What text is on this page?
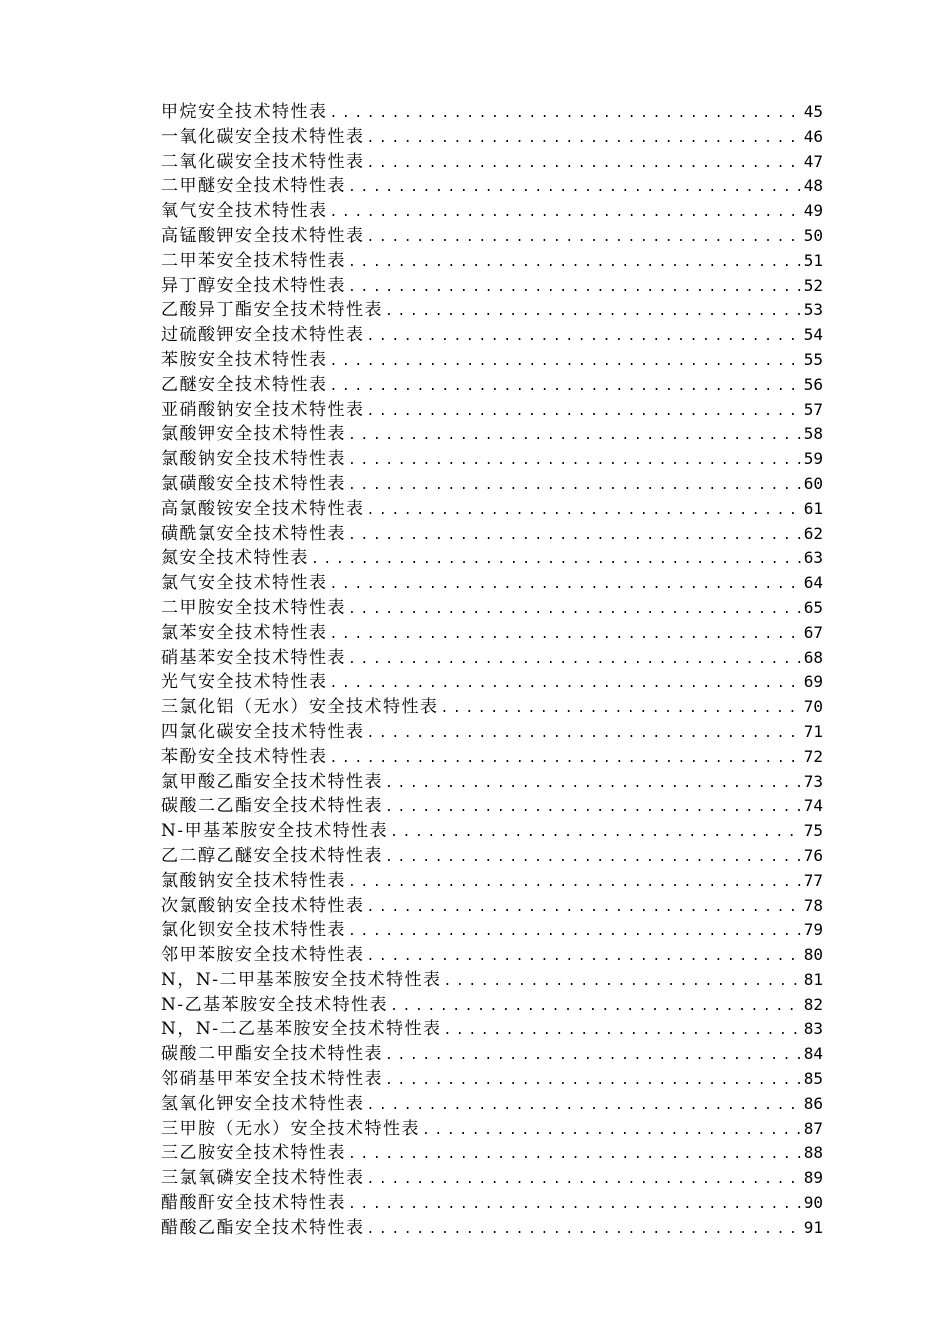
甲烷安全技术特性表 .....	45
一氧化碳安全技术特性表 .....	46
二氧化碳安全技术特性表 .....	47
二甲醚安全技术特性表 .....	48
氧气安全技术特性表 .....	49
高锰酸钾安全技术特性表 .....	50
二甲苯安全技术特性表 .....	51
异丁醇安全技术特性表 .....	52
乙酸异丁酯安全技术特性表 .....	53
过硫酸钾安全技术特性表 .....	54
苯胺安全技术特性表 .....	55
乙醚安全技术特性表 .....	56
亚硝酸钠安全技术特性表 .....	57
氯酸钾安全技术特性表 .....	58
氯酸钠安全技术特性表 .....	59
氯磺酸安全技术特性表 .....	60
高氯酸铵安全技术特性表 .....	61
磺酰氯安全技术特性表 .....	62
氮安全技术特性表 .....	63
氯气安全技术特性表 .....	64
二甲胺安全技术特性表 .....	65
氯苯安全技术特性表 .....	67
硝基苯安全技术特性表 .....	68
光气安全技术特性表 .....	69
三氯化铝（无水）安全技术特性表 .....	70
四氯化碳安全技术特性表 .....	71
苯酚安全技术特性表 .....	72
氯甲酸乙酯安全技术特性表 .....	73
碳酸二乙酯安全技术特性表 .....	74
N-甲基苯胺安全技术特性表 .....	75
乙二醇乙醚安全技术特性表 .....	76
氯酸钠安全技术特性表 .....	77
次氯酸钠安全技术特性表 .....	78
氯化钡安全技术特性表 .....	79
邻甲苯胺安全技术特性表 .....	80
N，N-二甲基苯胺安全技术特性表 .....	81
N-乙基苯胺安全技术特性表 .....	82
N，N-二乙基苯胺安全技术特性表 .....	83
碳酸二甲酯安全技术特性表 .....	84
邻硝基甲苯安全技术特性表 .....	85
氢氧化钾安全技术特性表 .....	86
三甲胺（无水）安全技术特性表 .....	87
三乙胺安全技术特性表 .....	88
三氯氧磷安全技术特性表 .....	89
醋酸酐安全技术特性表 .....	90
醋酸乙酯安全技术特性表 .....	91
